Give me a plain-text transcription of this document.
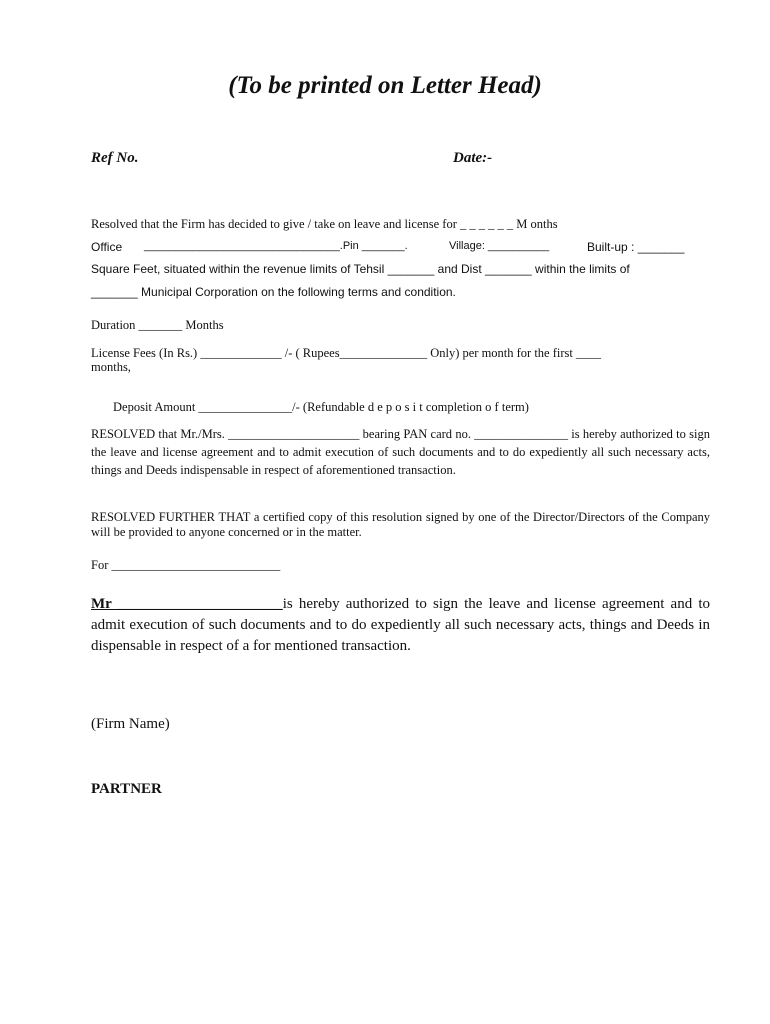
(To be printed on Letter Head)
Ref No.	Date:-
Resolved that the Firm has decided to give / take on leave and license for _ _ _ _ _ _ M onths
Office ________________________________.Pin _______.	Village: __________	Built-up : _______
Square Feet, situated within the revenue limits of Tehsil _______ and Dist _______ within the limits of
_______ Municipal Corporation on the following terms and condition.
Duration _______ Months
License Fees (In Rs.) _____________ /- ( Rupees______________ Only) per month for the first ____
months,
Deposit Amount _______________/- (Refundable d e p o s i t completion o f term)
RESOLVED that Mr./Mrs. _____________________ bearing PAN card no. _______________ is hereby authorized to sign the leave and license agreement and to admit execution of such documents and to do expediently all such necessary acts, things and Deeds indispensable in respect of aforementioned transaction.
RESOLVED FURTHER THAT a certified copy of this resolution signed by one of the Director/Directors of the Company will be provided to anyone concerned or in the matter.
For ___________________________
Mr ______________________is hereby authorized to sign the leave and license agreement and to admit execution of such documents and to do expediently all such necessary acts, things and Deeds in dispensable in respect of a for mentioned transaction.
(Firm Name)
PARTNER
